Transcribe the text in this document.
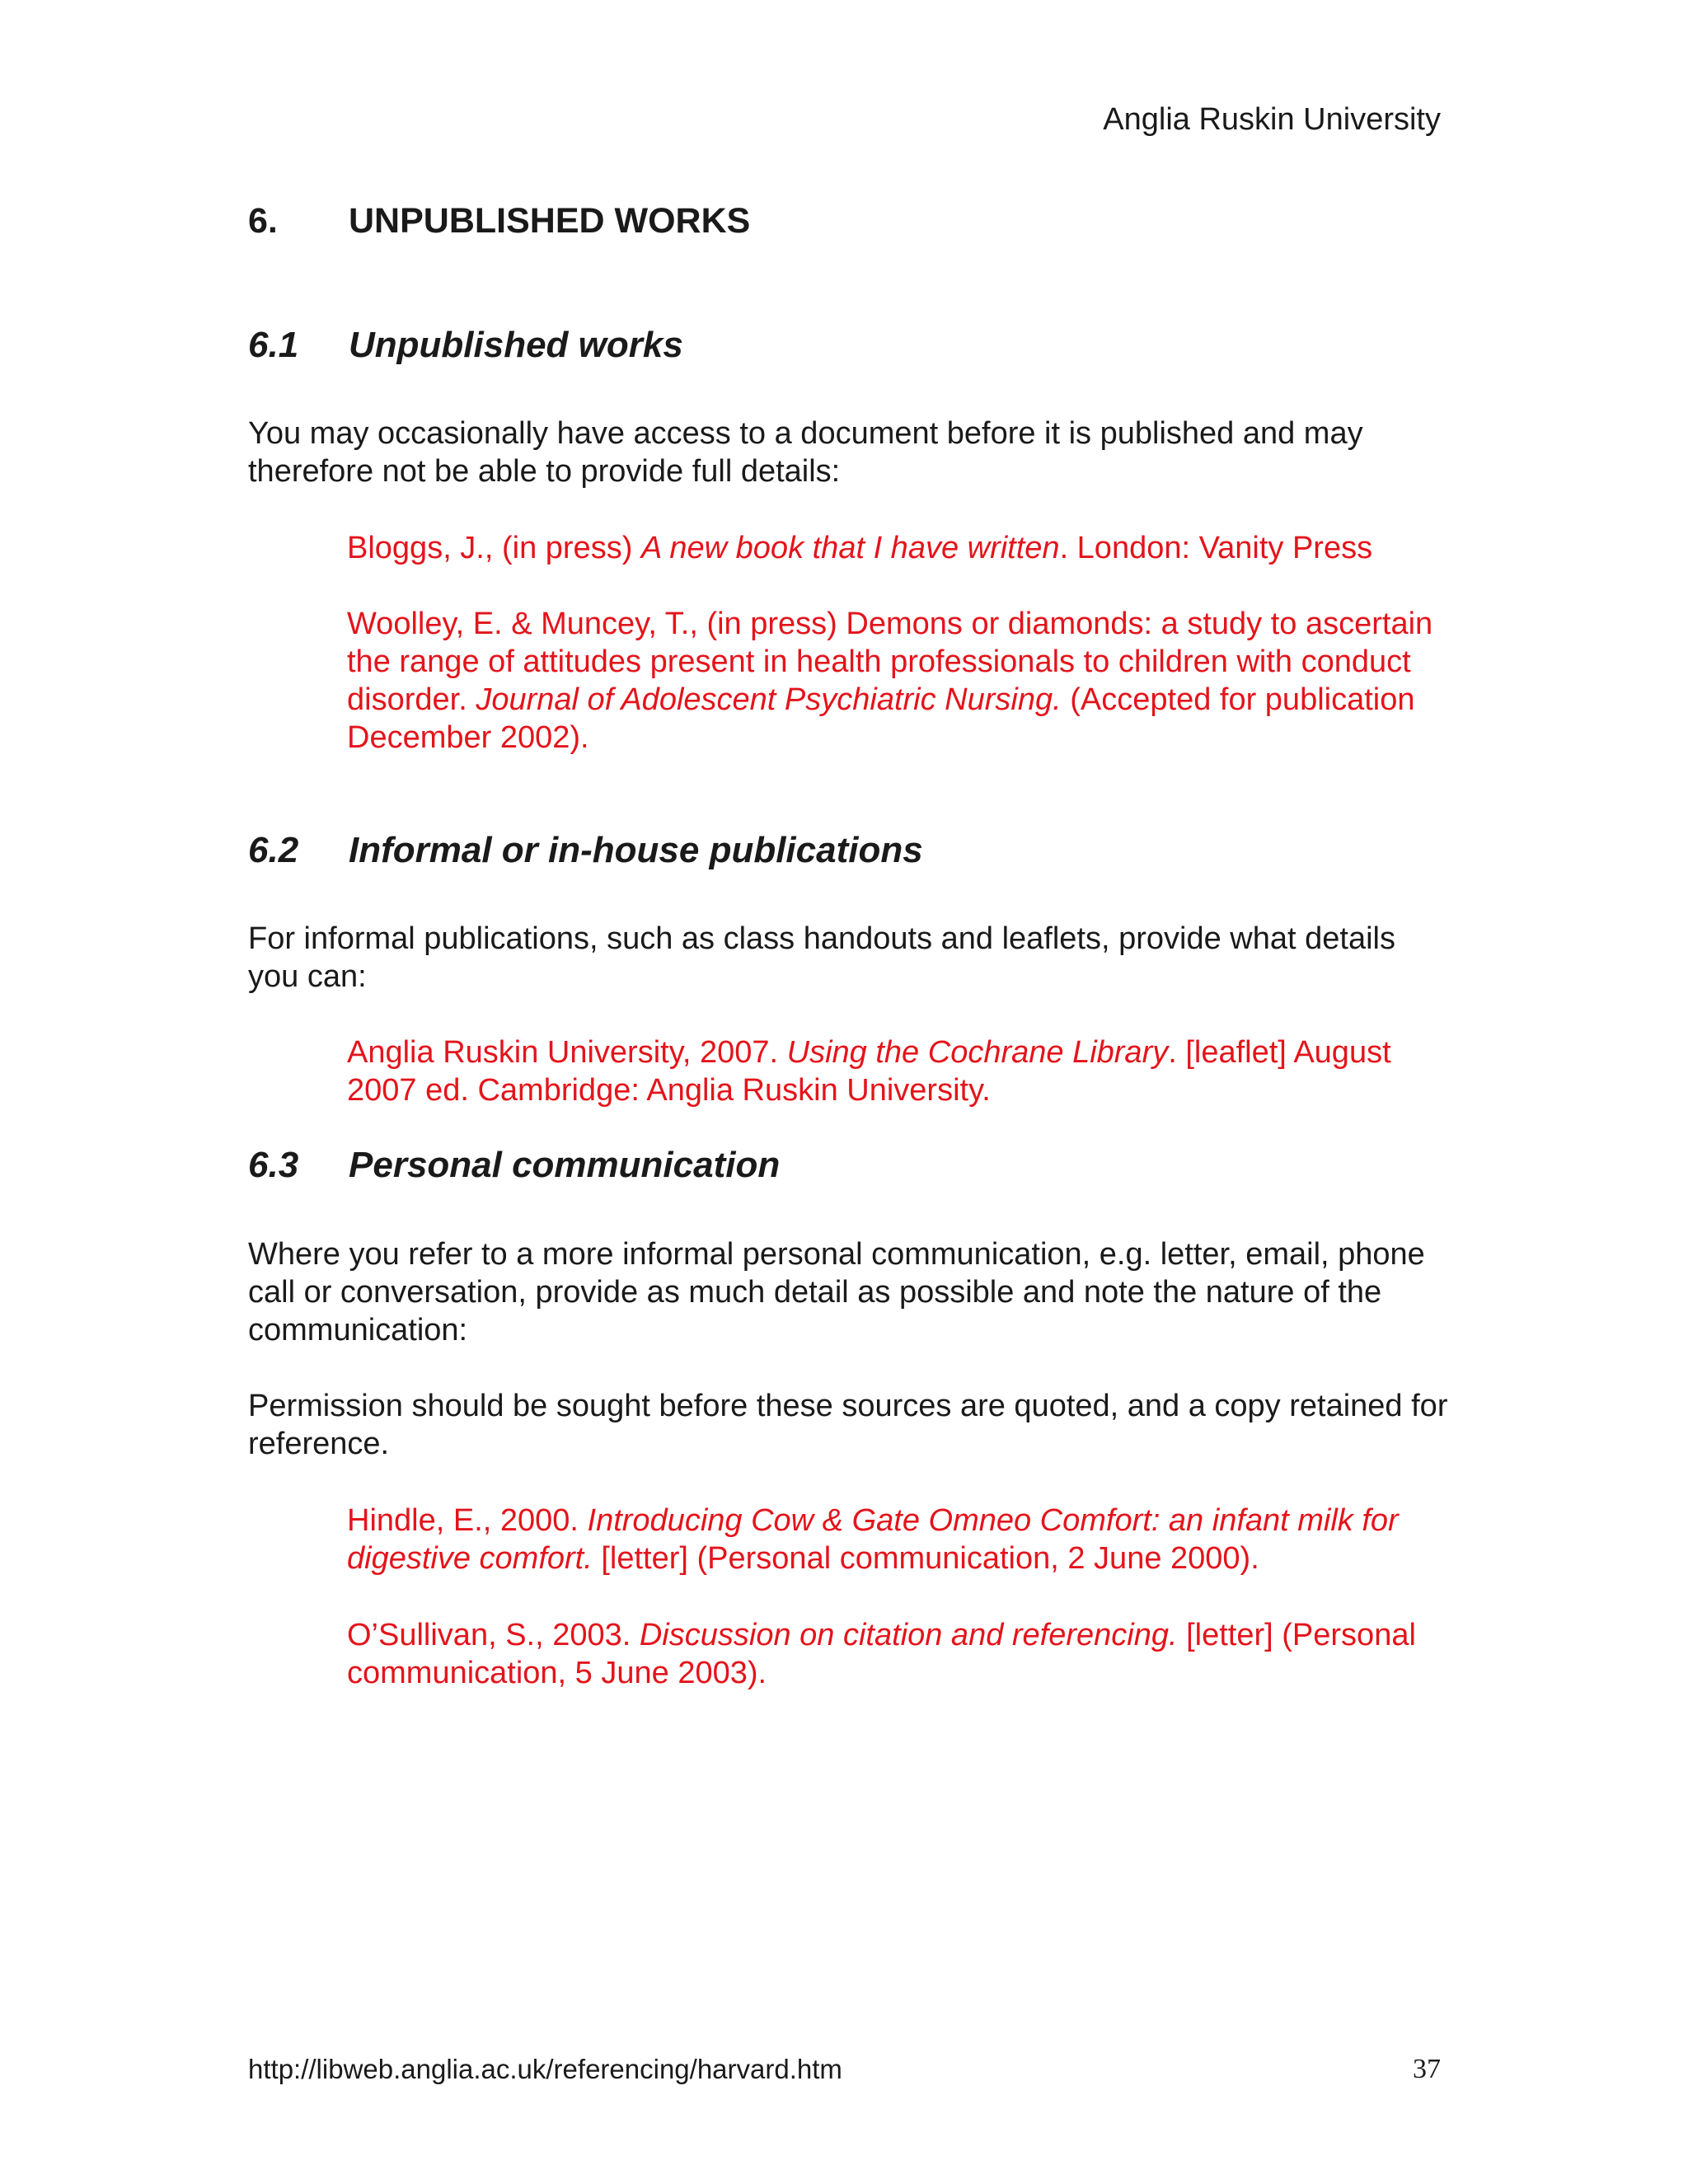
Anglia Ruskin University
6. UNPUBLISHED WORKS
6.1 Unpublished works
You may occasionally have access to a document before it is published and may therefore not be able to provide full details:
Bloggs, J., (in press) A new book that I have written. London: Vanity Press
Woolley, E. & Muncey, T., (in press) Demons or diamonds: a study to ascertain the range of attitudes present in health professionals to children with conduct disorder. Journal of Adolescent Psychiatric Nursing. (Accepted for publication December 2002).
6.2 Informal or in-house publications
For informal publications, such as class handouts and leaflets, provide what details you can:
Anglia Ruskin University, 2007. Using the Cochrane Library. [leaflet] August 2007 ed. Cambridge: Anglia Ruskin University.
6.3 Personal communication
Where you refer to a more informal personal communication, e.g. letter, email, phone call or conversation, provide as much detail as possible and note the nature of the communication:
Permission should be sought before these sources are quoted, and a copy retained for reference.
Hindle, E., 2000. Introducing Cow & Gate Omneo Comfort: an infant milk for digestive comfort. [letter] (Personal communication, 2 June 2000).
O’Sullivan, S., 2003. Discussion on citation and referencing. [letter] (Personal communication, 5 June 2003).
http://libweb.anglia.ac.uk/referencing/harvard.htm	37
